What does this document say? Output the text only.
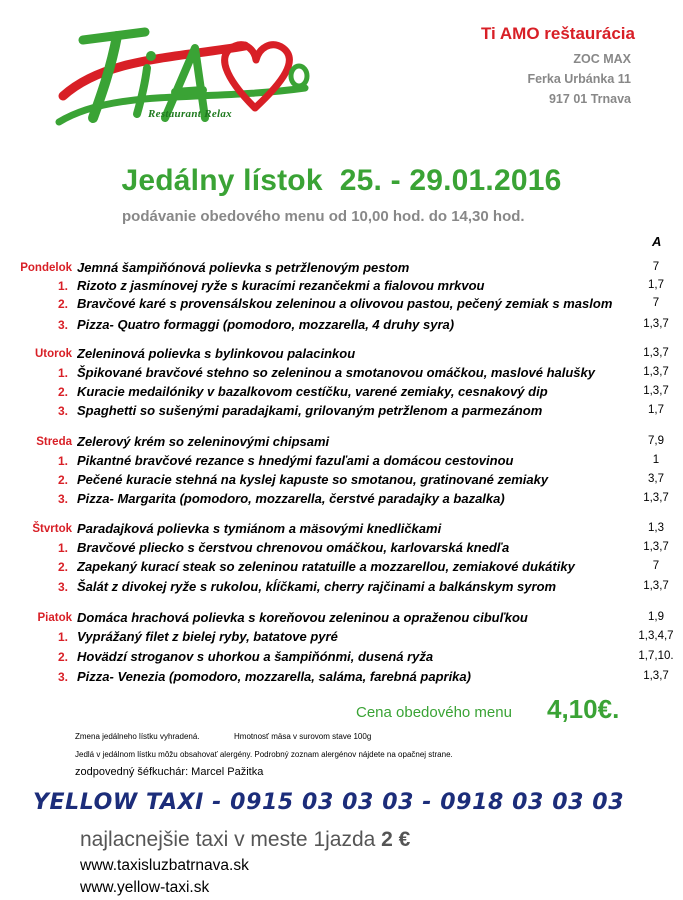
Restaurant Relax
Ti AMO reštaurácia
ZOC MAX
Ferka Urbánka 11
917 01 Trnava
Jedálny lístok  25. - 29.01.2016
podávanie obedového menu od 10,00 hod. do 14,30 hod.
A
Pondelok Jemná šampiňónová polievka s petržlenovým pestom	7
1. Rizoto z jasmínovej ryže s kuracími rezančekmi a fialovou mrkvou	1,7
2. Bravčové karé s provensálskou zeleninou a olivovou pastou, pečený zemiak s maslom	7
3. Pizza- Quatro formaggi (pomodoro, mozzarella, 4 druhy syra)	1,3,7
Utorok Zeleninová polievka s bylinkovou palacinkou	1,3,7
1. Špikované bravčové stehno so zeleninou a smotanovou omáčkou, maslové halušky	1,3,7
2. Kuracie medailóniky v bazalkovom cestíčku, varené zemiaky, cesnakový dip	1,3,7
3. Spaghetti so sušenými paradajkami, grilovaným petržlenom a parmezánom	1,7
Streda Zelerový krém so zeleninovými chipsami	7,9
1. Pikantné bravčové rezance s hnedými fazuľami a domácou cestovinou	1
2. Pečené kuracie stehná na kyslej kapuste so smotanou, gratinované zemiaky	3,7
3. Pizza- Margarita (pomodoro, mozzarella, čerstvé paradajky a bazalka)	1,3,7
Štvrtok Paradajková polievka s tymiánom a mäsovými knedličkami	1,3
1. Bravčové pliecko s čerstvou chrenovou omáčkou, karlovarská knedľa	1,3,7
2. Zapekaný kurací steak so zeleninou ratatuille a mozzarellou, zemiakové dukátiky	7
3. Šalát z divokej ryže s rukolou, kĺíčkami, cherry rajčinami a balkánskym syrom	1,3,7
Piatok Domáca hrachová polievka s koreňovou zeleninou a opraženou cibuľkou	1,9
1. Vyprážaný filet z bielej ryby, batatove pyré	1,3,4,7
2. Hovädzí stroganov s uhorkou a šampiňónmi, dusená ryža	1,7,10.
3. Pizza- Venezia (pomodoro, mozzarella, saláma, farebná paprika)	1,3,7
Cena obedového menu 4,10€.
Zmena jedálneho lístku vyhradená.	Hmotnosť mäsa v surovom stave 100g
Jedlá v jedálnom lístku môžu obsahovať alergény. Podrobný zoznam alergénov nájdete na opačnej strane.
zodpovedný šéfkuchár: Marcel Pažitka
YELLOW TAXI - 0915 03 03 03 - 0918 03 03 03
najlacnejšie taxi v meste 1jazda 2 €
www.taxisluzbatrnava.sk
www.yellow-taxi.sk
